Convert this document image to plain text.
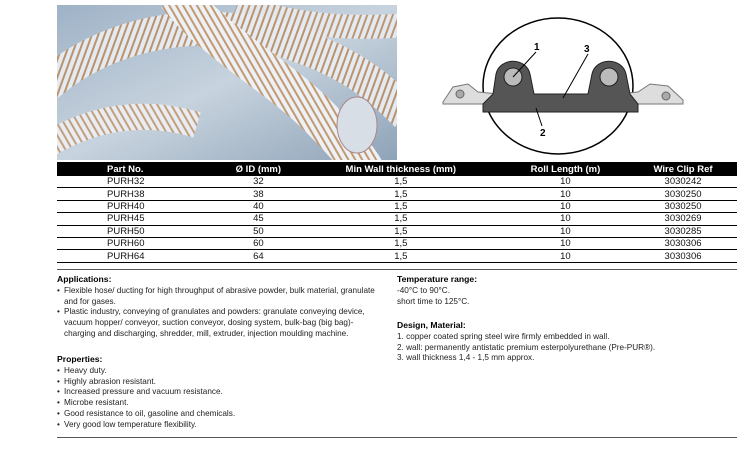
1	3
2
Part No.	Ø ID (mm)	Min Wall thickness (mm)	Roll Length (m)	Wire Clip Ref
PURH32	32	1,5	10	3030242
PURH38	38	1,5	10	3030250
PURH40	40	1,5	10	3030250
PURH45	45	1,5	10	3030269
PURH50	50	1,5	10	3030285
PURH60	60	1,5	10	3030306
PURH64	64	1,5	10	3030306
Applications:
• Flexible hose/ ducting for high throughput of abrasive powder, bulk material, granulate and for gases.
• Plastic industry, conveying of granulates and powders: granulate conveying device, vacuum hopper/ conveyor, suction conveyor, dosing system, bulk-bag (big bag)-charging and discharging, shredder, mill, extruder, injection moulding machine.
Properties:
• Heavy duty.
• Highly abrasion resistant.
• Increased pressure and vacuum resistance.
• Microbe resistant.
• Good resistance to oil, gasoline and chemicals.
• Very good low temperature flexibility.
Temperature range:
-40°C to 90°C.
short time to 125°C.
Design, Material:
1. copper coated spring steel wire firmly embedded in wall.
2. wall: permanently antistatic premium esterpolyurethane (Pre-PUR®).
3. wall thickness 1,4 - 1,5 mm approx.
